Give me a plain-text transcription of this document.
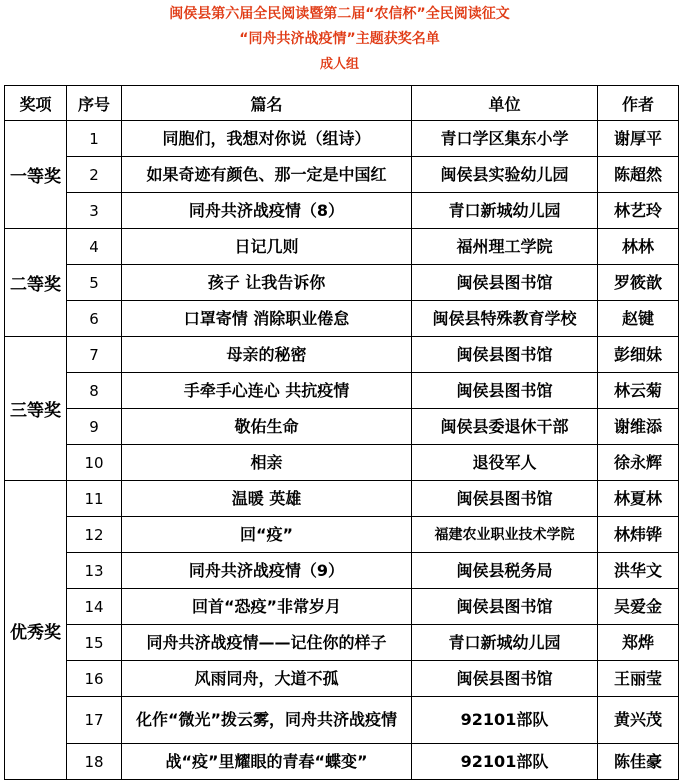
闽侯县第六届全民阅读暨第二届“农信杯”全民阅读征文
“同舟共济战疫情”主题获奖名单
成人组
奖项	序号	篇名	单位	作者
一等奖	1	同胞们，我想对你说（组诗）	青口学区集东小学	谢厚平
	2	如果奇迹有颜色、那一定是中国红	闽侯县实验幼儿园	陈超然
	3	同舟共济战疫情（8）	青口新城幼儿园	林艺玲
二等奖	4	日记几则	福州理工学院	林林
	5	孩子 让我告诉你	闽侯县图书馆	罗筱歆
	6	口罩寄情 消除职业倦怠	闽侯县特殊教育学校	赵键
三等奖	7	母亲的秘密	闽侯县图书馆	彭细妹
	8	手牵手心连心 共抗疫情	闽侯县图书馆	林云菊
	9	敬佑生命	闽侯县委退休干部	谢维添
	10	相亲	退役军人	徐永辉
优秀奖	11	温暖 英雄	闽侯县图书馆	林夏林
	12	回“疫”	福建农业职业技术学院	林炜铧
	13	同舟共济战疫情（9）	闽侯县税务局	洪华文
	14	回首“恐疫”非常岁月	闽侯县图书馆	吴爱金
	15	同舟共济战疫情——记住你的样子	青口新城幼儿园	郑烨
	16	风雨同舟，大道不孤	闽侯县图书馆	王丽莹
	17	化作“微光”拨云雾，同舟共济战疫情	92101部队	黄兴茂
	18	战“疫”里耀眼的青春“蝶变”	92101部队	陈佳豪
